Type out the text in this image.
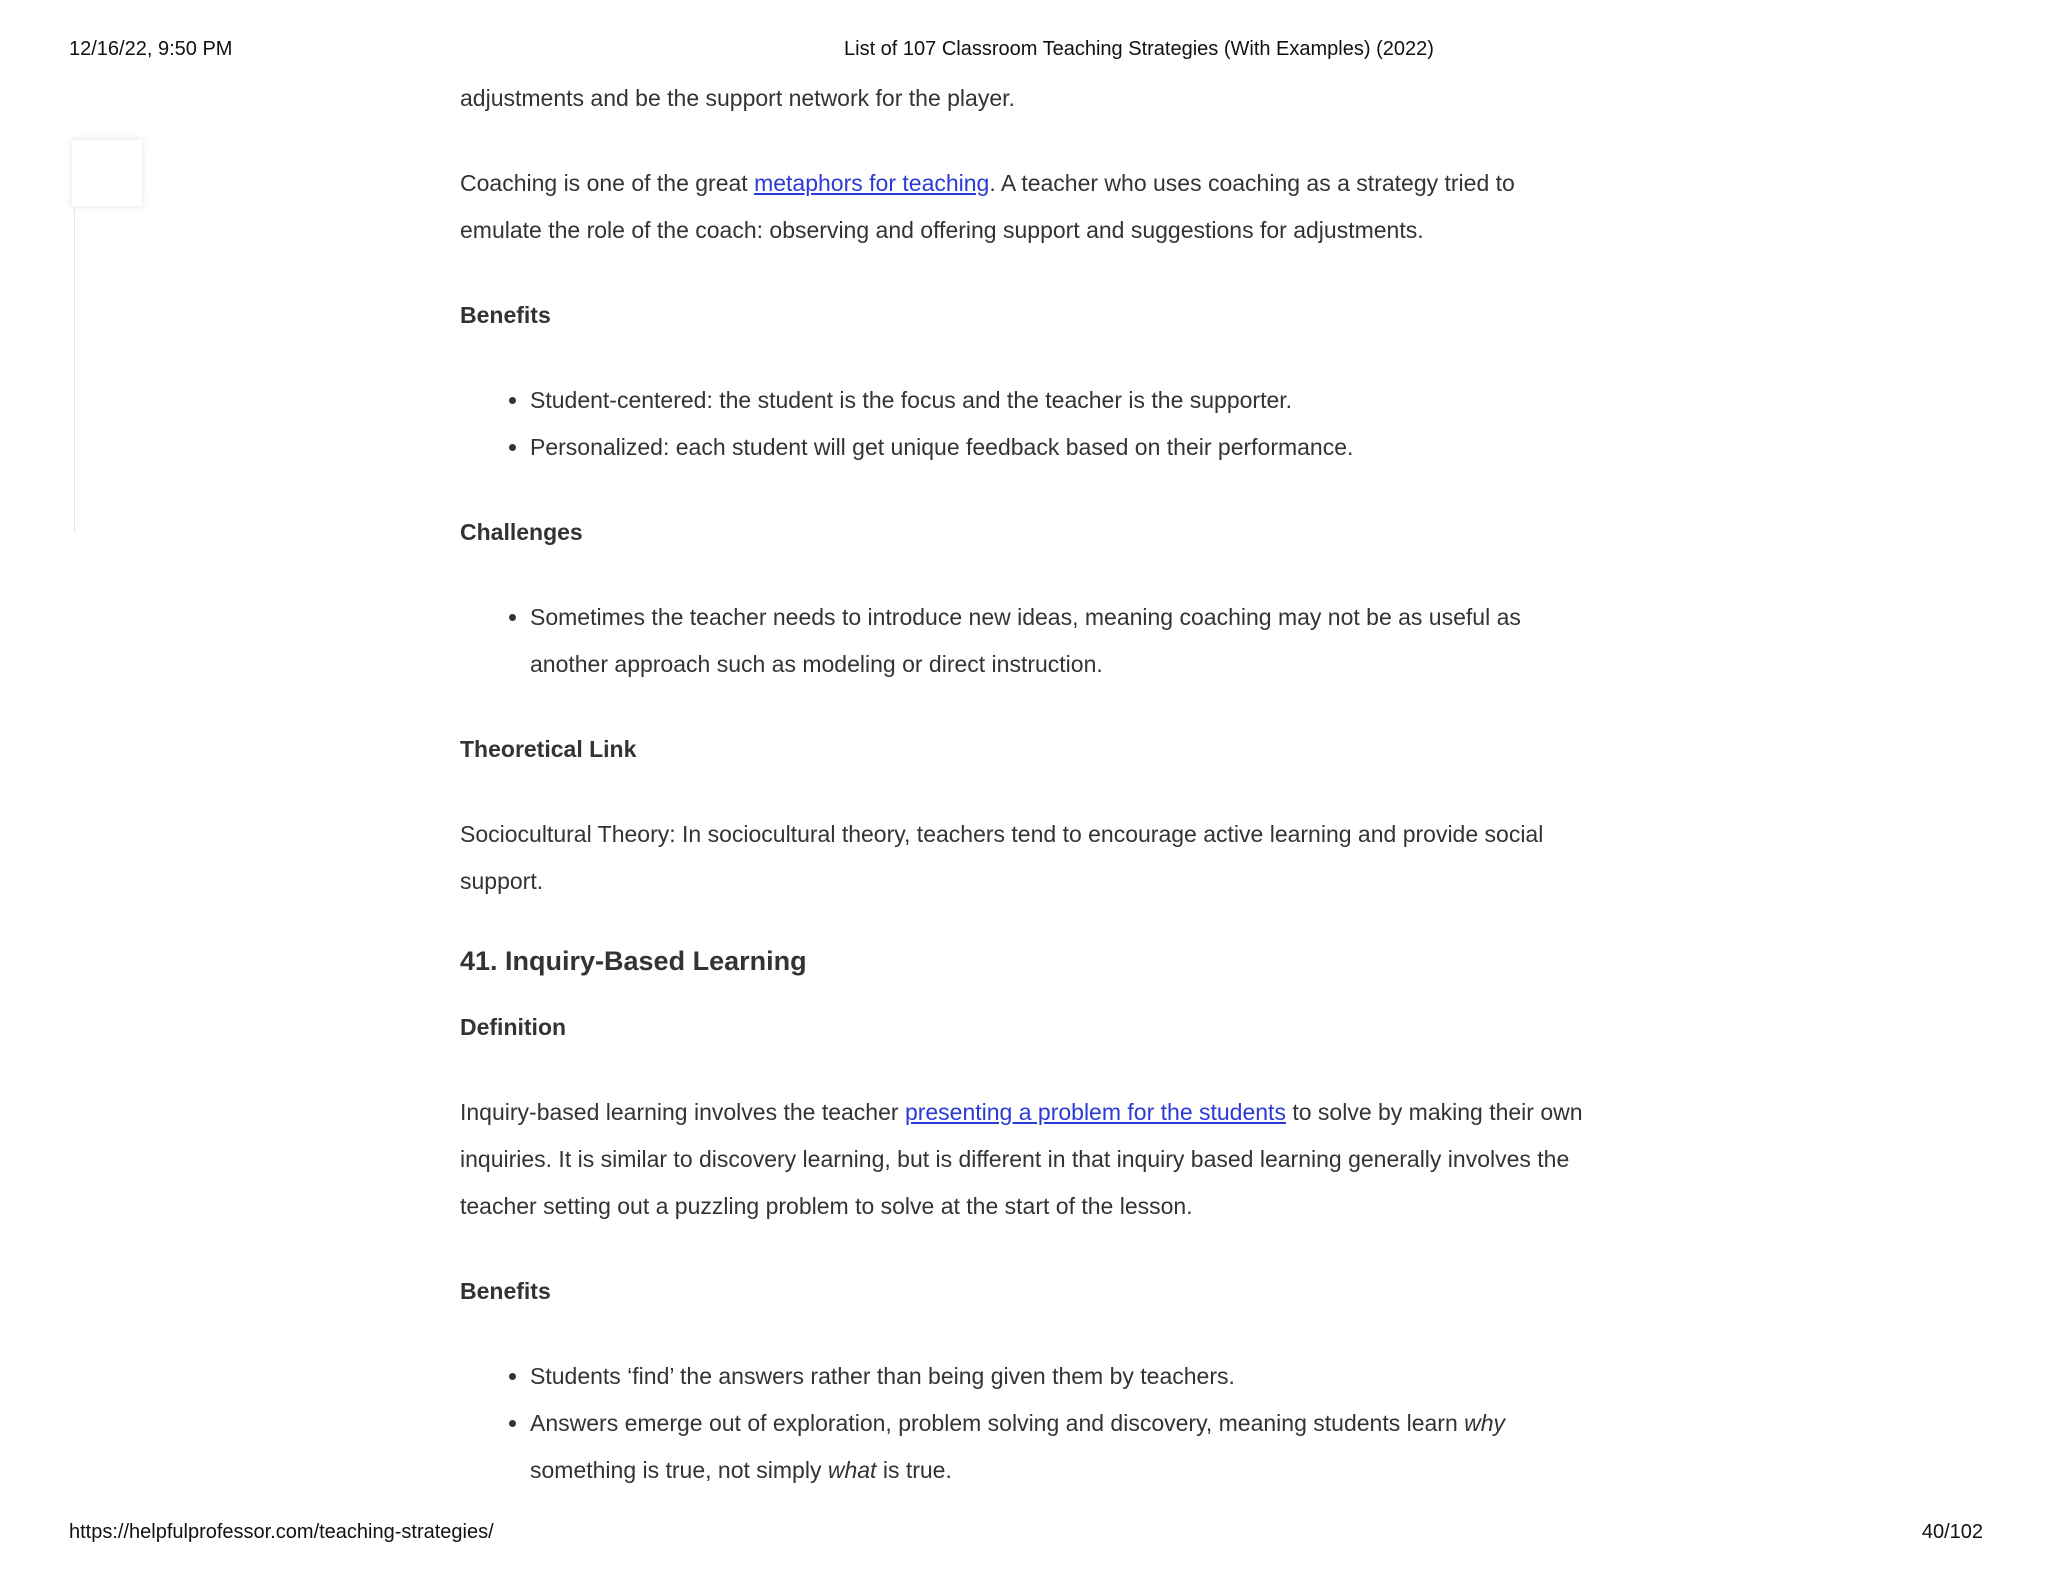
12/16/22, 9:50 PM	List of 107 Classroom Teaching Strategies (With Examples) (2022)

adjustments and be the support network for the player.

Coaching is one of the great metaphors for teaching. A teacher who uses coaching as a strategy tried to emulate the role of the coach: observing and offering support and suggestions for adjustments.

Benefits

• Student-centered: the student is the focus and the teacher is the supporter.
• Personalized: each student will get unique feedback based on their performance.

Challenges

• Sometimes the teacher needs to introduce new ideas, meaning coaching may not be as useful as another approach such as modeling or direct instruction.

Theoretical Link

Sociocultural Theory: In sociocultural theory, teachers tend to encourage active learning and provide social support.

41. Inquiry-Based Learning

Definition

Inquiry-based learning involves the teacher presenting a problem for the students to solve by making their own inquiries. It is similar to discovery learning, but is different in that inquiry based learning generally involves the teacher setting out a puzzling problem to solve at the start of the lesson.

Benefits

• Students ‘find’ the answers rather than being given them by teachers.
• Answers emerge out of exploration, problem solving and discovery, meaning students learn why something is true, not simply what is true.
https://helpfulprofessor.com/teaching-strategies/	40/102
